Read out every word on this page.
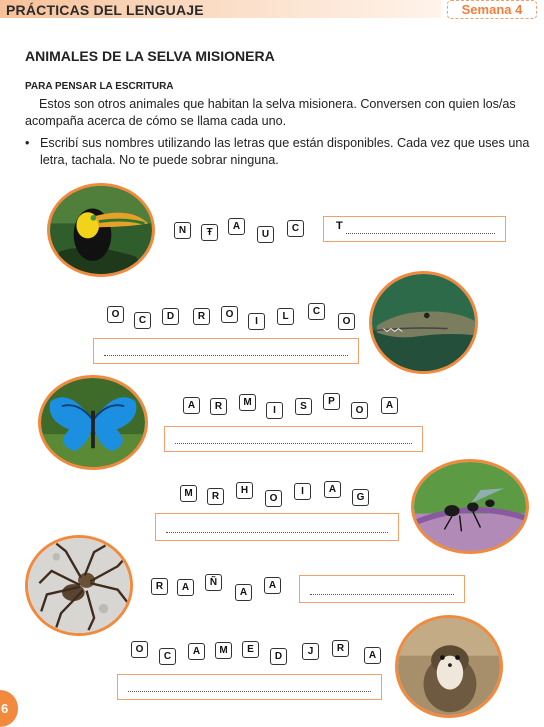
PRÁCTICAS DEL LENGUAJE	Semana 4
ANIMALES DE LA SELVA MISIONERA
PARA PENSAR LA ESCRITURA
Estos son otros animales que habitan la selva misionera. Conversen con quien los/as acompaña acerca de cómo se llama cada uno.
• Escribí sus nombres utilizando las letras que están disponibles. Cada vez que uses una letra, tachala. No te puede sobrar ninguna.
N	Ŧ
A
U
C	T
O
C	D	R	O
I	L	C
O
A	R	M
I	S	P
O	A
M	R
H
O
I	A
G
R	A	Ñ
A
A
O
C	A	M	E
D	J	R
A
6
